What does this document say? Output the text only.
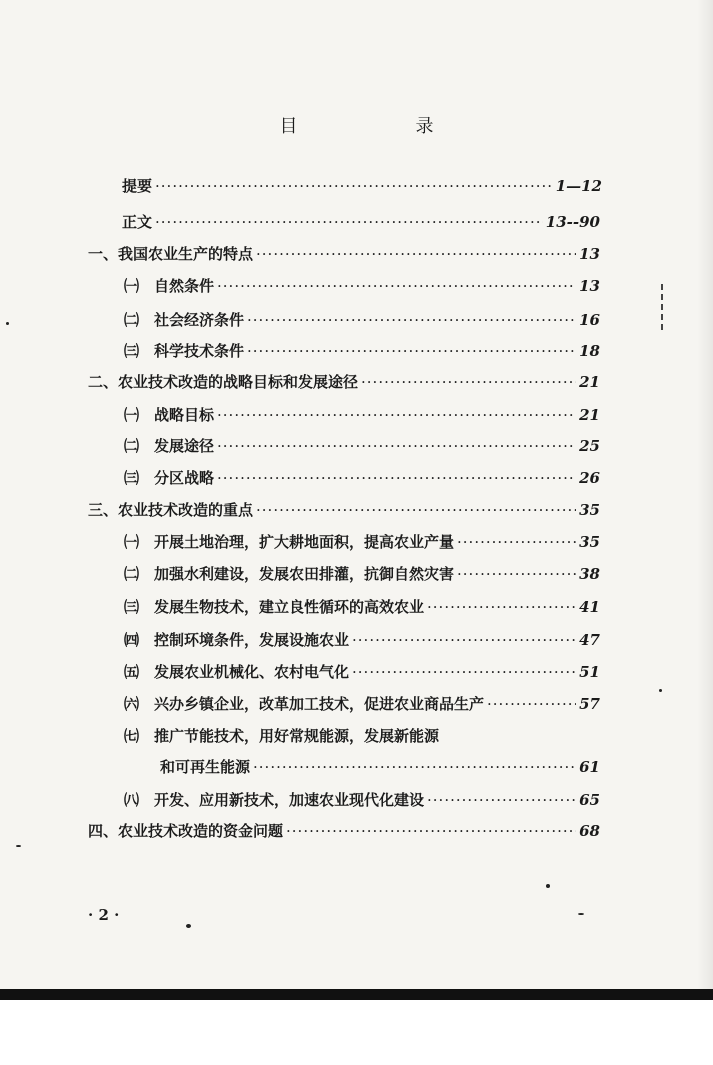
目　录
提要 ·····	1—12
正文 ·····	13--90
一、我国农业生产的特点 ·····	13
㈠　自然条件 ·····	13
㈡　社会经济条件 ·····	16
㈢　科学技术条件 ·····	18
二、农业技术改造的战略目标和发展途径 ·····	21
㈠　战略目标 ·····	21
㈡　发展途径 ·····	25
㈢　分区战略 ·····	26
三、农业技术改造的重点 ·····	35
㈠　开展土地治理，扩大耕地面积，提高农业产量 ·····	35
㈡　加强水利建设，发展农田排灌，抗御自然灾害 ·····	38
㈢　发展生物技术，建立良性循环的高效农业 ·····	41
㈣　控制环境条件，发展设施农业 ·····	47
㈤　发展农业机械化、农村电气化 ·····	51
㈥　兴办乡镇企业，改革加工技术，促进农业商品生产 ·····	57
㈦　推广节能技术，用好常规能源，发展新能源
和可再生能源 ·····	61
㈧　开发、应用新技术，加速农业现代化建设 ·····	65
四、农业技术改造的资金问题 ·····	68
· 2 ·
